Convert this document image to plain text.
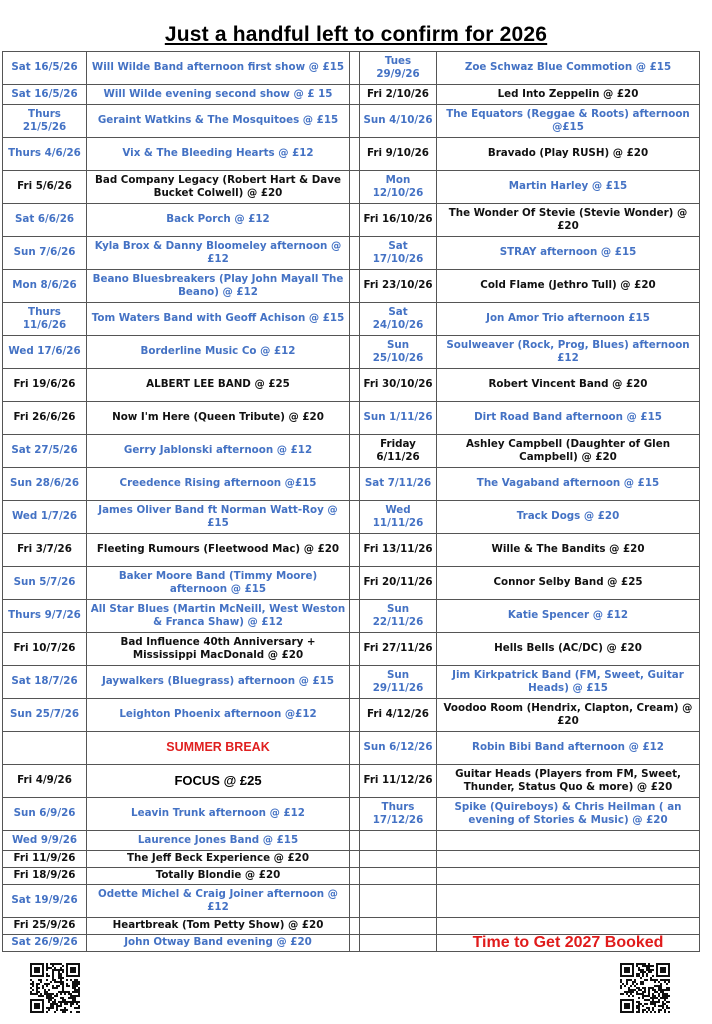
Just a handful left to confirm for 2026
Sat 16/5/26	Will Wilde Band afternoon first show @ £15		Tues 29/9/26	Zoe Schwaz Blue Commotion @ £15
Sat 16/5/26	Will Wilde evening second show @ £ 15		Fri 2/10/26	Led Into Zeppelin @ £20
Thurs 21/5/26	Geraint Watkins & The Mosquitoes @ £15		Sun 4/10/26	The Equators (Reggae & Roots) afternoon @£15
Thurs 4/6/26	Vix & The Bleeding Hearts @ £12		Fri 9/10/26	Bravado (Play RUSH) @ £20
Fri 5/6/26	Bad Company Legacy (Robert Hart & Dave Bucket Colwell) @ £20		Mon 12/10/26	Martin Harley @ £15
Sat 6/6/26	Back Porch @ £12		Fri 16/10/26	The Wonder Of Stevie (Stevie Wonder) @ £20
Sun 7/6/26	Kyla Brox & Danny Bloomeley afternoon @ £12		Sat 17/10/26	STRAY afternoon @ £15
Mon 8/6/26	Beano Bluesbreakers (Play John Mayall The Beano) @ £12		Fri 23/10/26	Cold Flame (Jethro Tull) @ £20
Thurs 11/6/26	Tom Waters Band with Geoff Achison @ £15		Sat 24/10/26	Jon Amor Trio afternoon £15
Wed 17/6/26	Borderline Music Co @ £12		Sun 25/10/26	Soulweaver (Rock, Prog, Blues) afternoon £12
Fri 19/6/26	ALBERT LEE BAND @ £25		Fri 30/10/26	Robert Vincent Band @ £20
Fri 26/6/26	Now I'm Here (Queen Tribute) @ £20		Sun 1/11/26	Dirt Road Band afternoon @ £15
Sat 27/5/26	Gerry Jablonski afternoon @ £12		Friday 6/11/26	Ashley Campbell (Daughter of Glen Campbell) @ £20
Sun 28/6/26	Creedence Rising afternoon @£15		Sat 7/11/26	The Vagaband afternoon @ £15
Wed 1/7/26	James Oliver Band ft Norman Watt-Roy @ £15		Wed 11/11/26	Track Dogs @ £20
Fri 3/7/26	Fleeting Rumours (Fleetwood Mac) @ £20		Fri 13/11/26	Wille & The Bandits @ £20
Sun 5/7/26	Baker Moore Band (Timmy Moore) afternoon @ £15		Fri 20/11/26	Connor Selby Band @ £25
Thurs 9/7/26	All Star Blues (Martin McNeill, West Weston & Franca Shaw) @ £12		Sun 22/11/26	Katie Spencer @ £12
Fri 10/7/26	Bad Influence 40th Anniversary + Mississippi MacDonald @ £20		Fri 27/11/26	Hells Bells (AC/DC) @ £20
Sat 18/7/26	Jaywalkers (Bluegrass) afternoon @ £15		Sun 29/11/26	Jim Kirkpatrick Band (FM, Sweet, Guitar Heads) @ £15
Sun 25/7/26	Leighton Phoenix afternoon @£12		Fri 4/12/26	Voodoo Room (Hendrix, Clapton, Cream) @ £20
	SUMMER BREAK		Sun 6/12/26	Robin Bibi Band afternoon @ £12
Fri 4/9/26	FOCUS @ £25		Fri 11/12/26	Guitar Heads (Players from FM, Sweet, Thunder, Status Quo & more) @ £20
Sun 6/9/26	Leavin Trunk afternoon @ £12		Thurs 17/12/26	Spike (Quireboys) & Chris Heilman ( an evening of Stories & Music) @ £20
Wed 9/9/26	Laurence Jones Band @ £15			
Fri 11/9/26	The Jeff Beck Experience @ £20			
Fri 18/9/26	Totally Blondie @ £20			
Sat 19/9/26	Odette Michel & Craig Joiner afternoon @ £12			
Fri 25/9/26	Heartbreak (Tom Petty Show) @ £20			
Sat 26/9/26	John Otway Band evening @ £20			Time to Get 2027 Booked
